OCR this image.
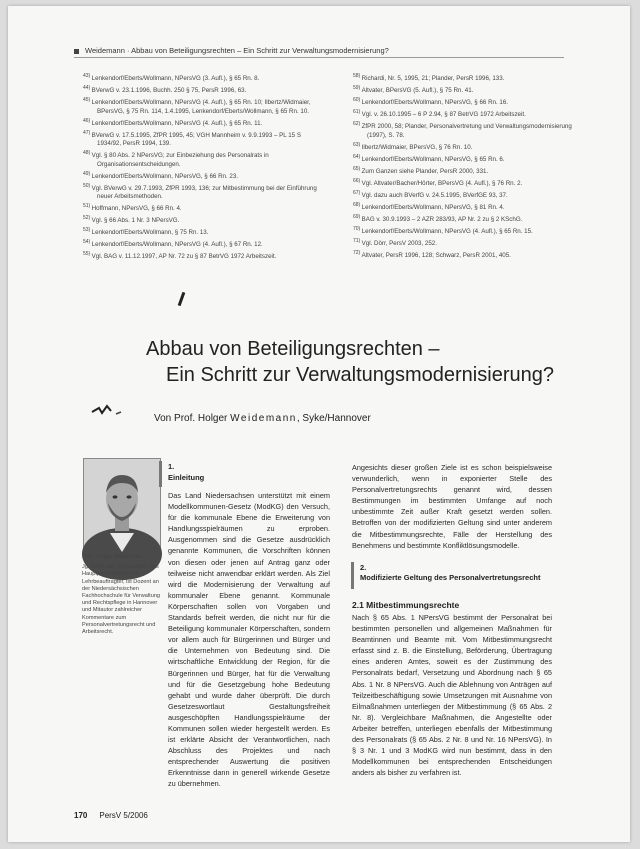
Weidemann · Abbau von Beteiligungsrechten – Ein Schritt zur Verwaltungsmodernisierung?

$^{43)}$ Lenkendorf/Eberts/Wollmann, NPersVG (3. Aufl.), § 65 Rn. 8.

$^{44)}$ BVerwG v. 23.1.1996, Buchh. 250 § 75, PersR 1996, 63.

$^{45)}$ Lenkendorf/Eberts/Wollmann, NPersVG (4. Aufl.), § 65 Rn. 10; Ilbertz/Widmaier, BPersVG, § 75 Rn. 114, 1.4.1995, Lenkendorf/Eberts/Wollmann, § 65 Rn. 10.

$^{46)}$ Lenkendorf/Eberts/Wollmann, NPersVG (4. Aufl.), § 65 Rn. 11.

$^{47)}$ BVerwG v. 17.5.1995, ZfPR 1995, 45; VGH Mannheim v. 9.9.1993 – PL 15 S 1934/92, PersR 1994, 139.

$^{48)}$ Vgl. § 80 Abs. 2 NPersVG; zur Einbeziehung des Personalrats in Organisationsentscheidungen.

$^{49)}$ Lenkendorf/Eberts/Wollmann, NPersVG, § 66 Rn. 23.

$^{50)}$ Vgl. BVerwG v. 29.7.1993, ZfPR 1993, 136; zur Mitbestimmung bei der Einführung neuer Arbeitsmethoden.

$^{51)}$ Hoffmann, NPersVG, § 66 Rn. 4.

$^{52)}$ Vgl. § 66 Abs. 1 Nr. 3 NPersVG.

$^{53)}$ Lenkendorf/Eberts/Wollmann, § 75 Rn. 13.

$^{54)}$ Lenkendorf/Eberts/Wollmann, NPersVG (4. Aufl.), § 67 Rn. 12.

$^{55)}$ Vgl. BAG v. 11.12.1997, AP Nr. 72 zu § 87 BetrVG 1972 Arbeitszeit.

$^{58)}$ Richardi, Nr. 5, 1995, 21; Plander, PersR 1996, 133.

$^{59)}$ Altvater, BPersVG (5. Aufl.), § 75 Rn. 41.

$^{60)}$ Lenkendorf/Eberts/Wollmann, NPersVG, § 66 Rn. 16.

$^{61)}$ Vgl. v. 26.10.1995 – 6 P 2.94, § 87 BetrVG 1972 Arbeitszeit.

$^{62)}$ ZfPR 2000, 58; Plander, Personalvertretung und Verwaltungsmodernisierung (1997), S. 78.

$^{63)}$ Ilbertz/Widmaier, BPersVG, § 76 Rn. 10.

$^{64)}$ Lenkendorf/Eberts/Wollmann, NPersVG, § 65 Rn. 6.

$^{65)}$ Zum Ganzen siehe Plander, PersR 2000, 331.

$^{66)}$ Vgl. Altvater/Bacher/Hörter, BPersVG (4. Aufl.), § 76 Rn. 2.

$^{67)}$ Vgl. dazu auch BVerfG v. 24.5.1995, BVerfGE 93, 37.

$^{68)}$ Lenkendorf/Eberts/Wollmann, NPersVG, § 81 Rn. 4.

$^{69)}$ BAG v. 30.9.1993 – 2 AZR 283/93, AP Nr. 2 zu § 2 KSchG.

$^{70)}$ Lenkendorf/Eberts/Wollmann, NPersVG (4. Aufl.), § 65 Rn. 15.

$^{71)}$ Vgl. Dörr, PersV 2003, 252.

$^{72)}$ Altvater, PersR 1996, 128; Schwarz, PersR 2001, 405.

Abbau von Beteiligungsrechten –
Ein Schritt zur Verwaltungsmodernisierung?
Von Prof. Holger Weidemann, Syke/Hannover

Prof. Holger Weidemann

Jg. 1954, war Vorsitzender des Hauptpersonalrats und Lehrbeauftragter, ist Dozent an der Niedersächsischen Fachhochschule für Verwaltung und Rechtspflege in Hannover und Mitautor zahlreicher Kommentare zum Personalvertretungsrecht und Arbeitsrecht.

1.
Einleitung

Das Land Niedersachsen unterstützt mit einem Modellkommunen-Gesetz (ModKG) den Versuch, für die kommunale Ebene die Erweiterung von Handlungsspielräumen zu erproben. Ausgenommen sind die Gesetze ausdrücklich genannte Kommunen, die Vorschriften können von diesen oder jenen auf Antrag ganz oder teilweise nicht anwendbar erklärt werden. Als Ziel wird die Modernisierung der Verwaltung auf kommunaler Ebene genannt. Kommunale Körperschaften sollen von Vorgaben und Standards befreit werden, die nicht nur für die Beteiligung kommunaler Körperschaften, sondern vor allem auch für Bürgerinnen und Bürger und die Unternehmen von Bedeutung sind. Die wirtschaftliche Entwicklung der Region, für die Bürgerinnen und Bürger, hat für die Verwaltung und für die Gesetzgebung hohe Bedeutung gehabt und wurde daher überprüft. Die durch Gesetzeswortlaut Gestaltungsfreiheit ausgeschöpften Handlungsspielräume der Kommunen sollen wieder hergestellt werden. Es ist erklärte Absicht der Verantwortlichen, nach Abschluss des Projektes und nach entsprechender Auswertung die positiven Erkenntnisse dann in generell wirkende Gesetze zu übernehmen.

Angesichts dieser großen Ziele ist es schon beispielsweise verwunderlich, wenn in exponierter Stelle des Personalvertretungsrechts genannt wird, dessen Bestimmungen im bestimmten Umfange auf noch unbestimmte Zeit außer Kraft gesetzt werden sollen. Betroffen von der modifizierten Geltung sind unter anderem die Mitbestimmungsrechte, Fälle der Herstellung des Benehmens und bestimmte Konfliktlösungsmodelle.

2.
Modifizierte Geltung des Personalvertretungsrecht
2.1 Mitbestimmungsrechte

Nach § 65 Abs. 1 NPersVG bestimmt der Personalrat bei bestimmten personellen und allgemeinen Maßnahmen für Beamtinnen und Beamte mit. Vom Mitbestimmungsrecht erfasst sind z. B. die Einstellung, Beförderung, Übertragung eines anderen Amtes, soweit es der Zustimmung des Personalrats bedarf, Versetzung und Abordnung nach § 65 Abs. 1 Nr. 8 NPersVG. Auch die Ablehnung von Anträgen auf Teilzeitbeschäftigung sowie Umsetzungen mit Ausnahme von Eilmaßnahmen unterliegen der Mitbestimmung (§ 65 Abs. 2 Nr. 8). Vergleichbare Maßnahmen, die Angestellte oder Arbeiter betreffen, unterliegen ebenfalls der Mitbestimmung des Personalrats (§ 65 Abs. 2 Nr. 8 und Nr. 16 NPersVG). In § 3 Nr. 1 und 3 ModKG wird nun bestimmt, dass in den Modellkommunen bei entsprechenden Entscheidungen anders als bisher zu verfahren ist.

170 PersV 5/2006
